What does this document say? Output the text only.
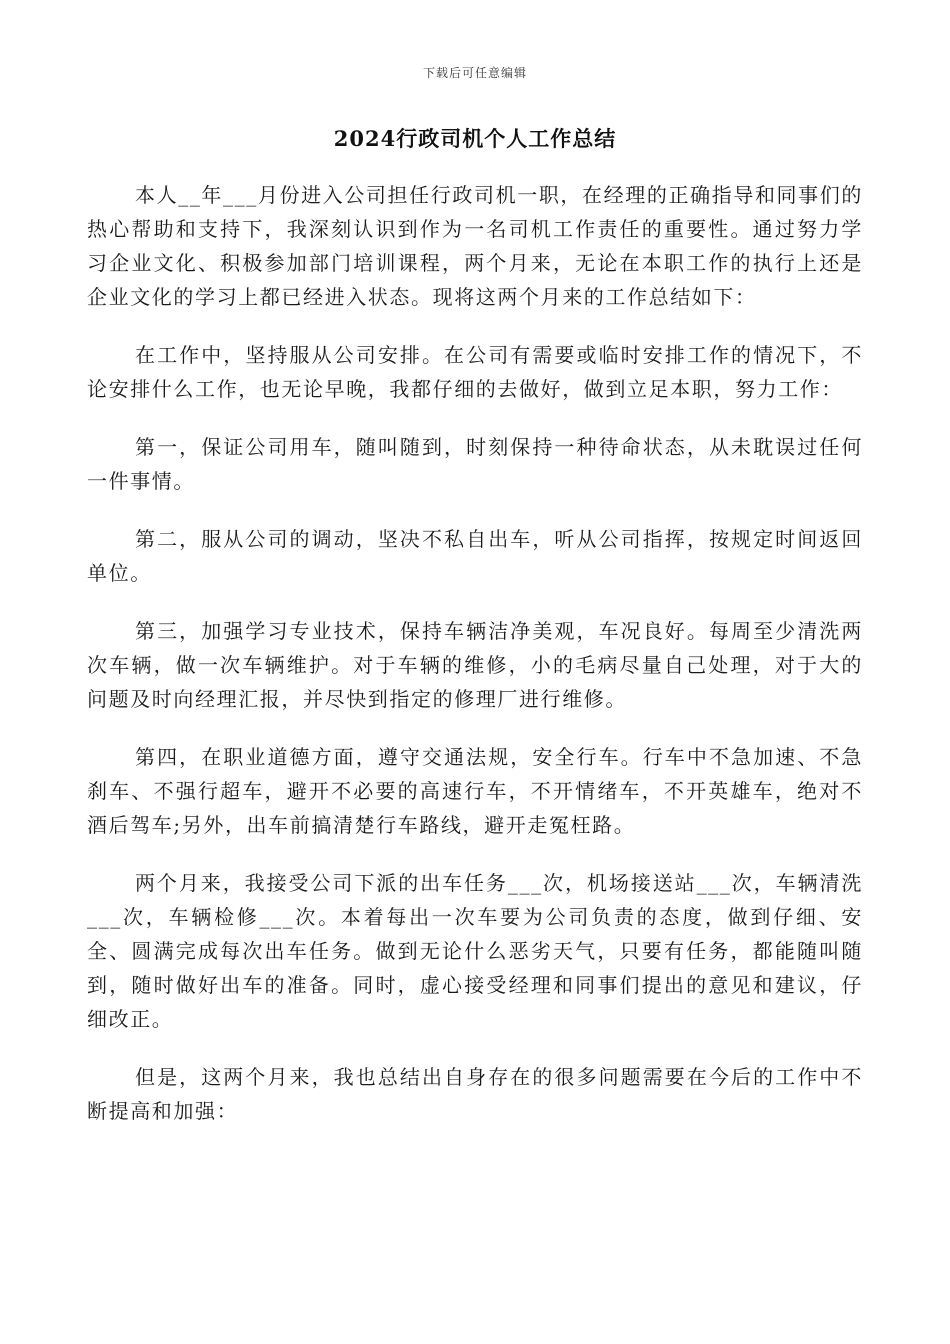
下载后可任意编辑
2024行政司机个人工作总结

本人__年___月份进入公司担任行政司机一职，在经理的正确指导和同事们的热心帮助和支持下，我深刻认识到作为一名司机工作责任的重要性。通过努力学习企业文化、积极参加部门培训课程，两个月来，无论在本职工作的执行上还是企业文化的学习上都已经进入状态。现将这两个月来的工作总结如下：

在工作中，坚持服从公司安排。在公司有需要或临时安排工作的情况下，不论安排什么工作，也无论早晚，我都仔细的去做好，做到立足本职，努力工作：

第一，保证公司用车，随叫随到，时刻保持一种待命状态，从未耽误过任何一件事情。

第二，服从公司的调动，坚决不私自出车，听从公司指挥，按规定时间返回单位。

第三，加强学习专业技术，保持车辆洁净美观，车况良好。每周至少清洗两次车辆，做一次车辆维护。对于车辆的维修，小的毛病尽量自己处理，对于大的问题及时向经理汇报，并尽快到指定的修理厂进行维修。

第四，在职业道德方面，遵守交通法规，安全行车。行车中不急加速、不急刹车、不强行超车，避开不必要的高速行车，不开情绪车，不开英雄车，绝对不酒后驾车;另外，出车前搞清楚行车路线，避开走冤枉路。

两个月来，我接受公司下派的出车任务___次，机场接送站___次，车辆清洗___次，车辆检修___次。本着每出一次车要为公司负责的态度，做到仔细、安全、圆满完成每次出车任务。做到无论什么恶劣天气，只要有任务，都能随叫随到，随时做好出车的准备。同时，虚心接受经理和同事们提出的意见和建议，仔细改正。

但是，这两个月来，我也总结出自身存在的很多问题需要在今后的工作中不断提高和加强：
